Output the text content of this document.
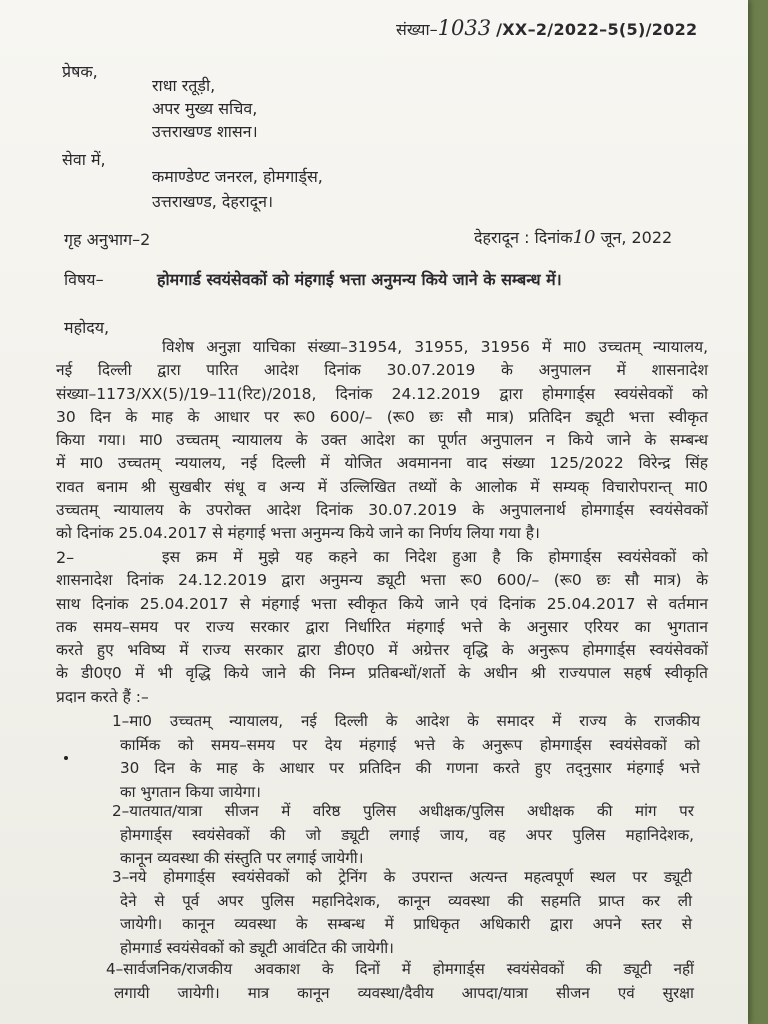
संख्या–1033 /XX–2/2022–5(5)/2022
प्रेषक,
राधा रतूड़ी,
अपर मुख्य सचिव,
उत्तराखण्ड शासन।
सेवा में,
कमाण्डेण्ट जनरल, होमगार्ड्स,
उत्तराखण्ड, देहरादून।
गृह अनुभाग–2	देहरादून : दिनांक10 जून, 2022
विषय–	होमगार्ड स्वयंसेवकों को मंहगाई भत्ता अनुमन्य किये जाने के सम्बन्ध में।
महोदय,
विशेष अनुज्ञा याचिका संख्या–31954, 31955, 31956 में मा0 उच्चतम् न्यायालय,
नई दिल्ली द्वारा पारित आदेश दिनांक 30.07.2019 के अनुपालन में शासनादेश
संख्या–1173/XX(5)/19–11(रिट)/2018, दिनांक 24.12.2019 द्वारा होमगार्ड्स स्वयंसेवकों को
30 दिन के माह के आधार पर रू0 600/– (रू0 छः सौ मात्र) प्रतिदिन ड्यूटी भत्ता स्वीकृत
किया गया। मा0 उच्चतम् न्यायालय के उक्त आदेश का पूर्णत अनुपालन न किये जाने के सम्बन्ध
में मा0 उच्चतम् न्ययालय, नई दिल्ली में योजित अवमानना वाद संख्या 125/2022 विरेन्द्र सिंह
रावत बनाम श्री सुखबीर संधू व अन्य में उल्लिखित तथ्यों के आलोक में सम्यक् विचारोपरान्त् मा0
उच्चतम् न्यायालय के उपरोक्त आदेश दिनांक 30.07.2019 के अनुपालनार्थ होमगार्ड्स स्वयंसेवकों
को दिनांक 25.04.2017 से मंहगाई भत्ता अनुमन्य किये जाने का निर्णय लिया गया है।
2–	इस क्रम में मुझे यह कहने का निदेश हुआ है कि होमगार्ड्स स्वयंसेवकों को
शासनादेश दिनांक 24.12.2019 द्वारा अनुमन्य ड्यूटी भत्ता रू0 600/– (रू0 छः सौ मात्र) के
साथ दिनांक 25.04.2017 से मंहगाई भत्ता स्वीकृत किये जाने एवं दिनांक 25.04.2017 से वर्तमान
तक समय–समय पर राज्य सरकार द्वारा निर्धारित मंहगाई भत्ते के अनुसार एरियर का भुगतान
करते हुए भविष्य में राज्य सरकार द्वारा डी0ए0 में अग्रेत्तर वृद्धि के अनुरूप होमगार्ड्स स्वयंसेवकों
के डी0ए0 में भी वृद्धि किये जाने की निम्न प्रतिबन्धों/शर्तो के अधीन श्री राज्यपाल सहर्ष स्वीकृति
प्रदान करते हैं :–
1–मा0 उच्चतम् न्यायालय, नई दिल्ली के आदेश के समादर में राज्य के राजकीय
कार्मिक को समय–समय पर देय मंहगाई भत्ते के अनुरूप होमगार्ड्स स्वयंसेवकों को
30 दिन के माह के आधार पर प्रतिदिन की गणना करते हुए तद्नुसार मंहगाई भत्ते
का भुगतान किया जायेगा।
2–यातयात/यात्रा सीजन में वरिष्ठ पुलिस अधीक्षक/पुलिस अधीक्षक की मांग पर
होमगार्ड्स स्वयंसेवकों की जो ड्यूटी लगाई जाय, वह अपर पुलिस महानिदेशक,
कानून व्यवस्था की संस्तुति पर लगाई जायेगी।
3–नये होमगार्ड्स स्वयंसेवकों को ट्रेनिंग के उपरान्त अत्यन्त महत्वपूर्ण स्थल पर ड्यूटी
देने से पूर्व अपर पुलिस महानिदेशक, कानून व्यवस्था की सहमति प्राप्त कर ली
जायेगी। कानून व्यवस्था के सम्बन्ध में प्राधिकृत अधिकारी द्वारा अपने स्तर से
होमगार्ड स्वयंसेवकों को ड्यूटी आवंटित की जायेगी।
4–सार्वजनिक/राजकीय अवकाश के दिनों में होमगार्ड्स स्वयंसेवकों की ड्यूटी नहीं
लगायी जायेगी। मात्र कानून व्यवस्था/दैवीय आपदा/यात्रा सीजन एवं सुरक्षा
